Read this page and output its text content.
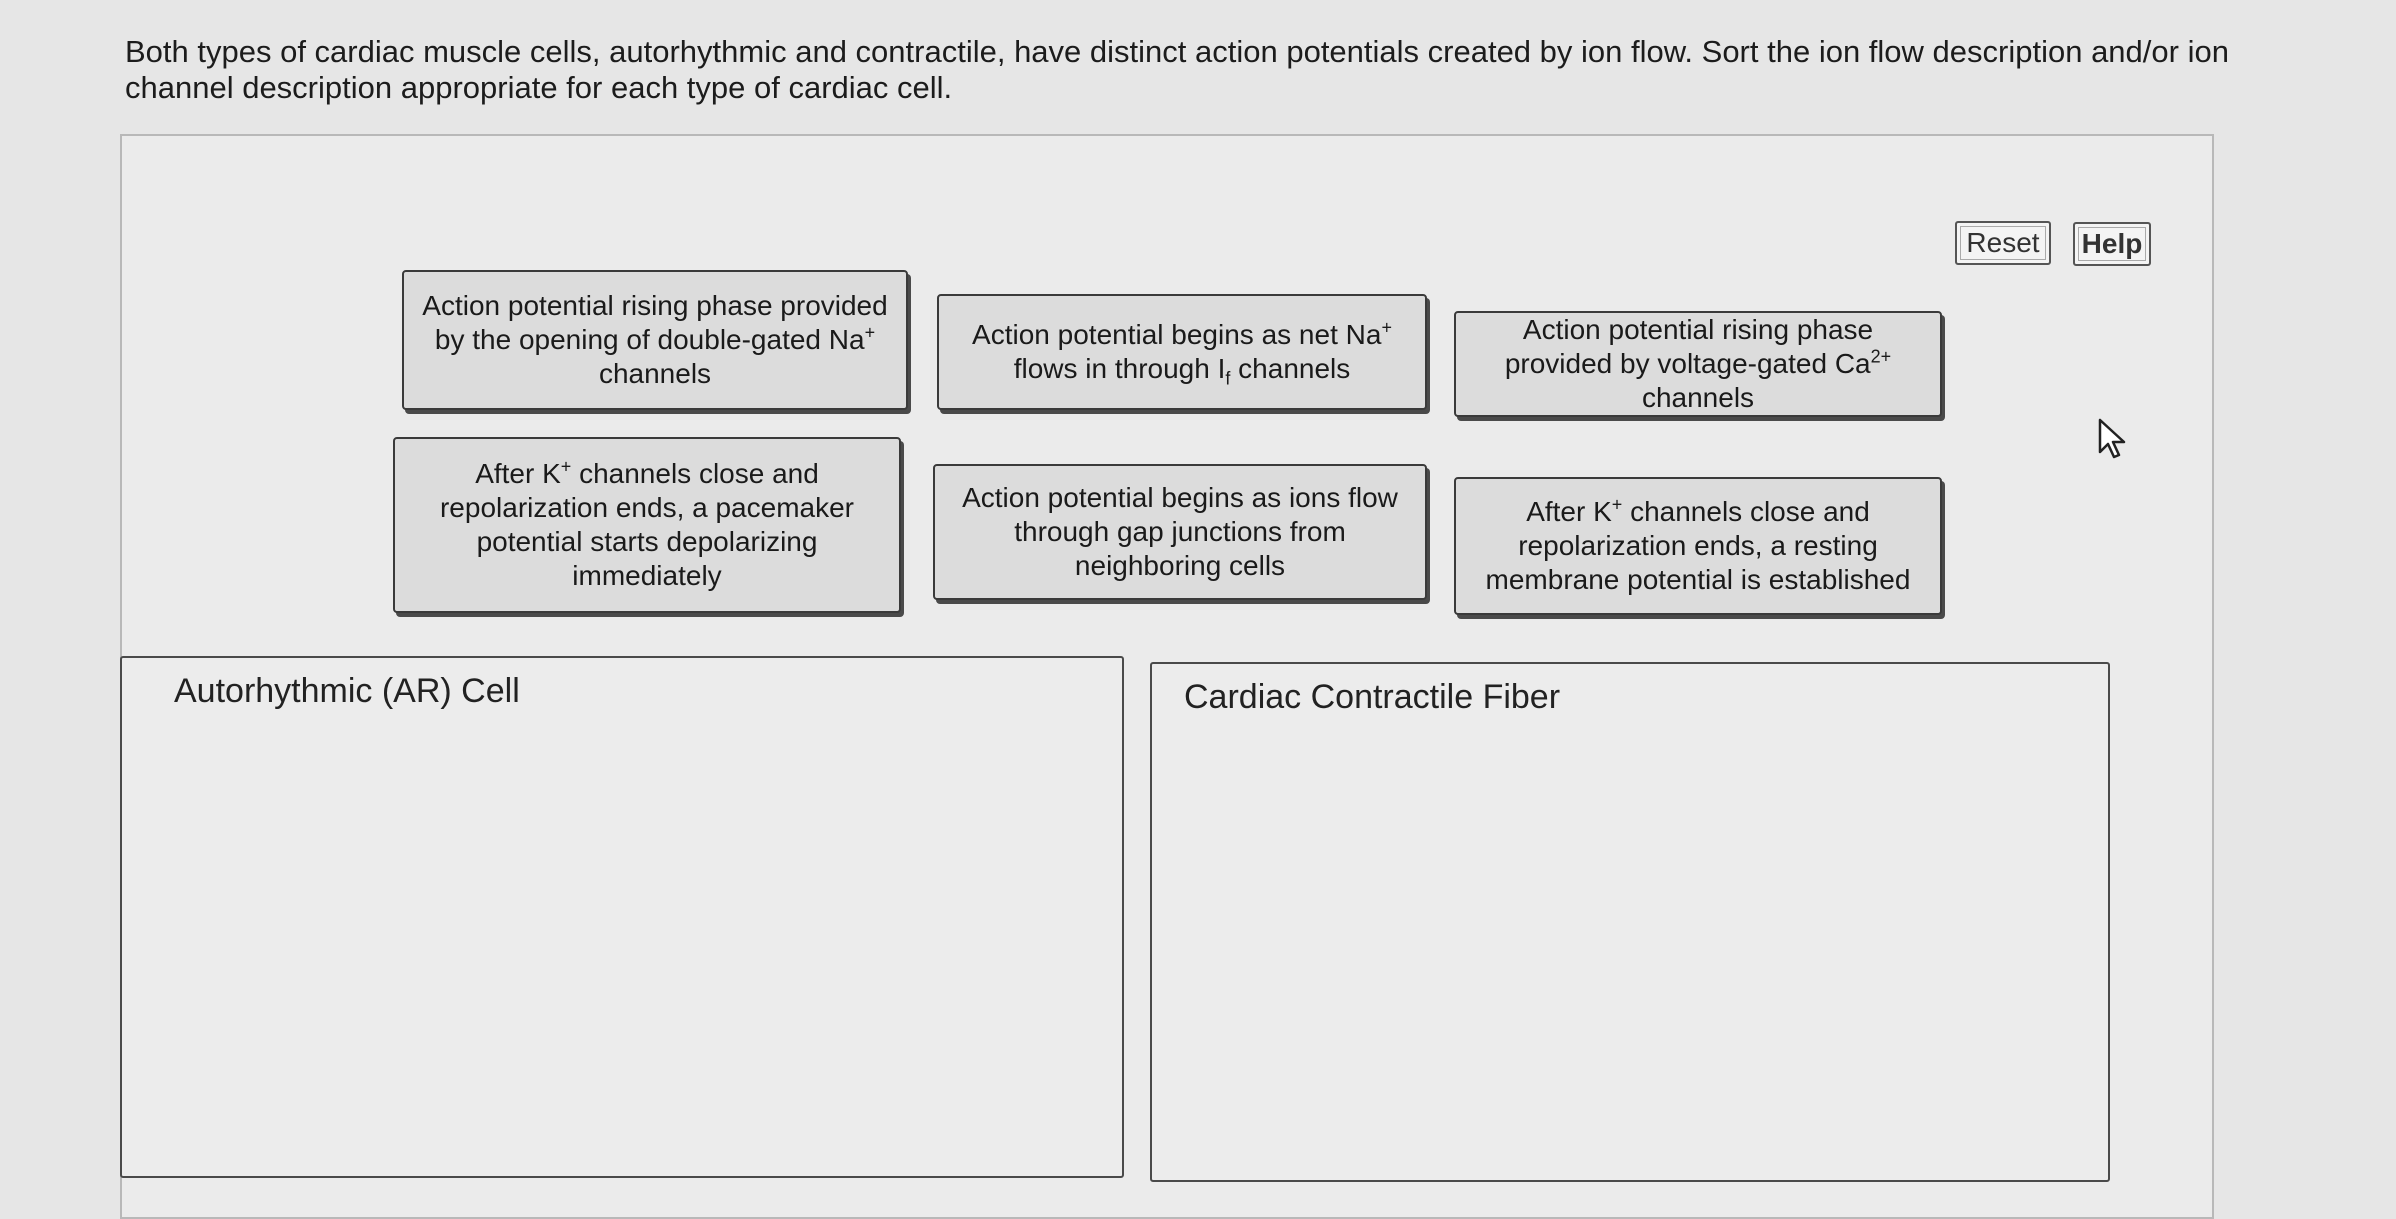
Both types of cardiac muscle cells, autorhythmic and contractile, have distinct action potentials created by ion flow. Sort the ion flow description and/or ion channel description appropriate for each type of cardiac cell.
Reset	Help
Action potential rising phase provided by the opening of double-gated Na+ channels
Action potential begins as net Na+ flows in through $I_f$ channels
Action potential rising phase provided by voltage-gated $Ca^{2+}$ channels
After K+ channels close and repolarization ends, a pacemaker potential starts depolarizing immediately
Action potential begins as ions flow through gap junctions from neighboring cells
After K+ channels close and repolarization ends, a resting membrane potential is established
Autorhythmic (AR) Cell	Cardiac Contractile Fiber
